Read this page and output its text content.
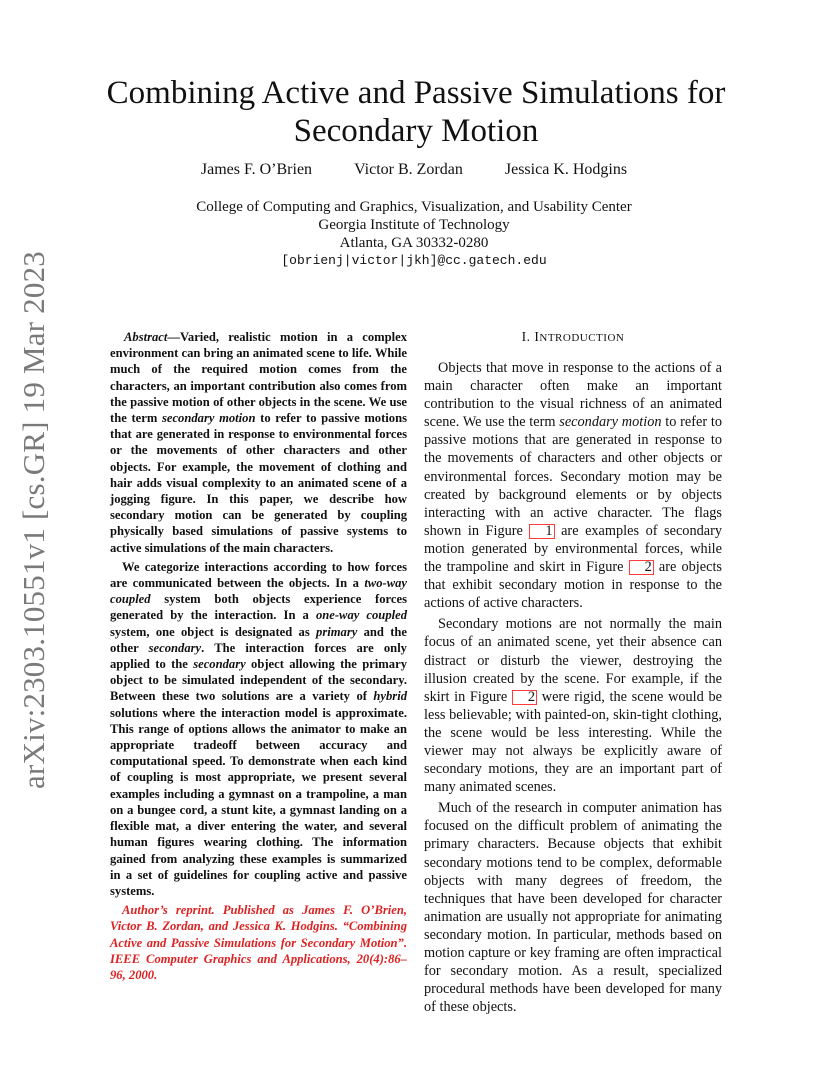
arXiv:2303.10551v1 [cs.GR] 19 Mar 2023
Combining Active and Passive Simulations for Secondary Motion
James F. O’Brien	Victor B. Zordan	Jessica K. Hodgins
College of Computing and Graphics, Visualization, and Usability Center
Georgia Institute of Technology
Atlanta, GA 30332-0280
[obrienj|victor|jkh]@cc.gatech.edu

Abstract—Varied, realistic motion in a complex environment can bring an animated scene to life. While much of the required motion comes from the characters, an important contribution also comes from the passive motion of other objects in the scene. We use the term secondary motion to refer to passive motions that are generated in response to environmental forces or the movements of other characters and other objects. For example, the movement of clothing and hair adds visual complexity to an animated scene of a jogging figure. In this paper, we describe how secondary motion can be generated by coupling physically based simulations of passive systems to active simulations of the main characters.

We categorize interactions according to how forces are communicated between the objects. In a two-way coupled system both objects experience forces generated by the interaction. In a one-way coupled system, one object is designated as primary and the other secondary. The interaction forces are only applied to the secondary object allowing the primary object to be simulated independent of the secondary. Between these two solutions are a variety of hybrid solutions where the interaction model is approximate. This range of options allows the animator to make an appropriate tradeoff between accuracy and computational speed. To demonstrate when each kind of coupling is most appropriate, we present several examples including a gymnast on a trampoline, a man on a bungee cord, a stunt kite, a gymnast landing on a flexible mat, a diver entering the water, and several human figures wearing clothing. The information gained from analyzing these examples is summarized in a set of guidelines for coupling active and passive systems.

Author’s reprint. Published as James F. O’Brien, Victor B. Zordan, and Jessica K. Hodgins. “Combining Active and Passive Simulations for Secondary Motion”. IEEE Computer Graphics and Applications, 20(4):86–96, 2000.

I. INTRODUCTION

Objects that move in response to the actions of a main character often make an important contribution to the visual richness of an animated scene. We use the term secondary motion to refer to passive motions that are generated in response to the movements of characters and other objects or environmental forces. Secondary motion may be created by background elements or by objects interacting with an active character. The flags shown in Figure 1 are examples of secondary motion generated by environmental forces, while the trampoline and skirt in Figure 2 are objects that exhibit secondary motion in response to the actions of active characters.

Secondary motions are not normally the main focus of an animated scene, yet their absence can distract or disturb the viewer, destroying the illusion created by the scene. For example, if the skirt in Figure 2 were rigid, the scene would be less believable; with painted-on, skin-tight clothing, the scene would be less interesting. While the viewer may not always be explicitly aware of secondary motions, they are an important part of many animated scenes.

Much of the research in computer animation has focused on the difficult problem of animating the primary characters. Because objects that exhibit secondary motions tend to be complex, deformable objects with many degrees of freedom, the techniques that have been developed for character animation are usually not appropriate for animating secondary motion. In particular, methods based on motion capture or key framing are often impractical for secondary motion. As a result, specialized procedural methods have been developed for many of these objects.
